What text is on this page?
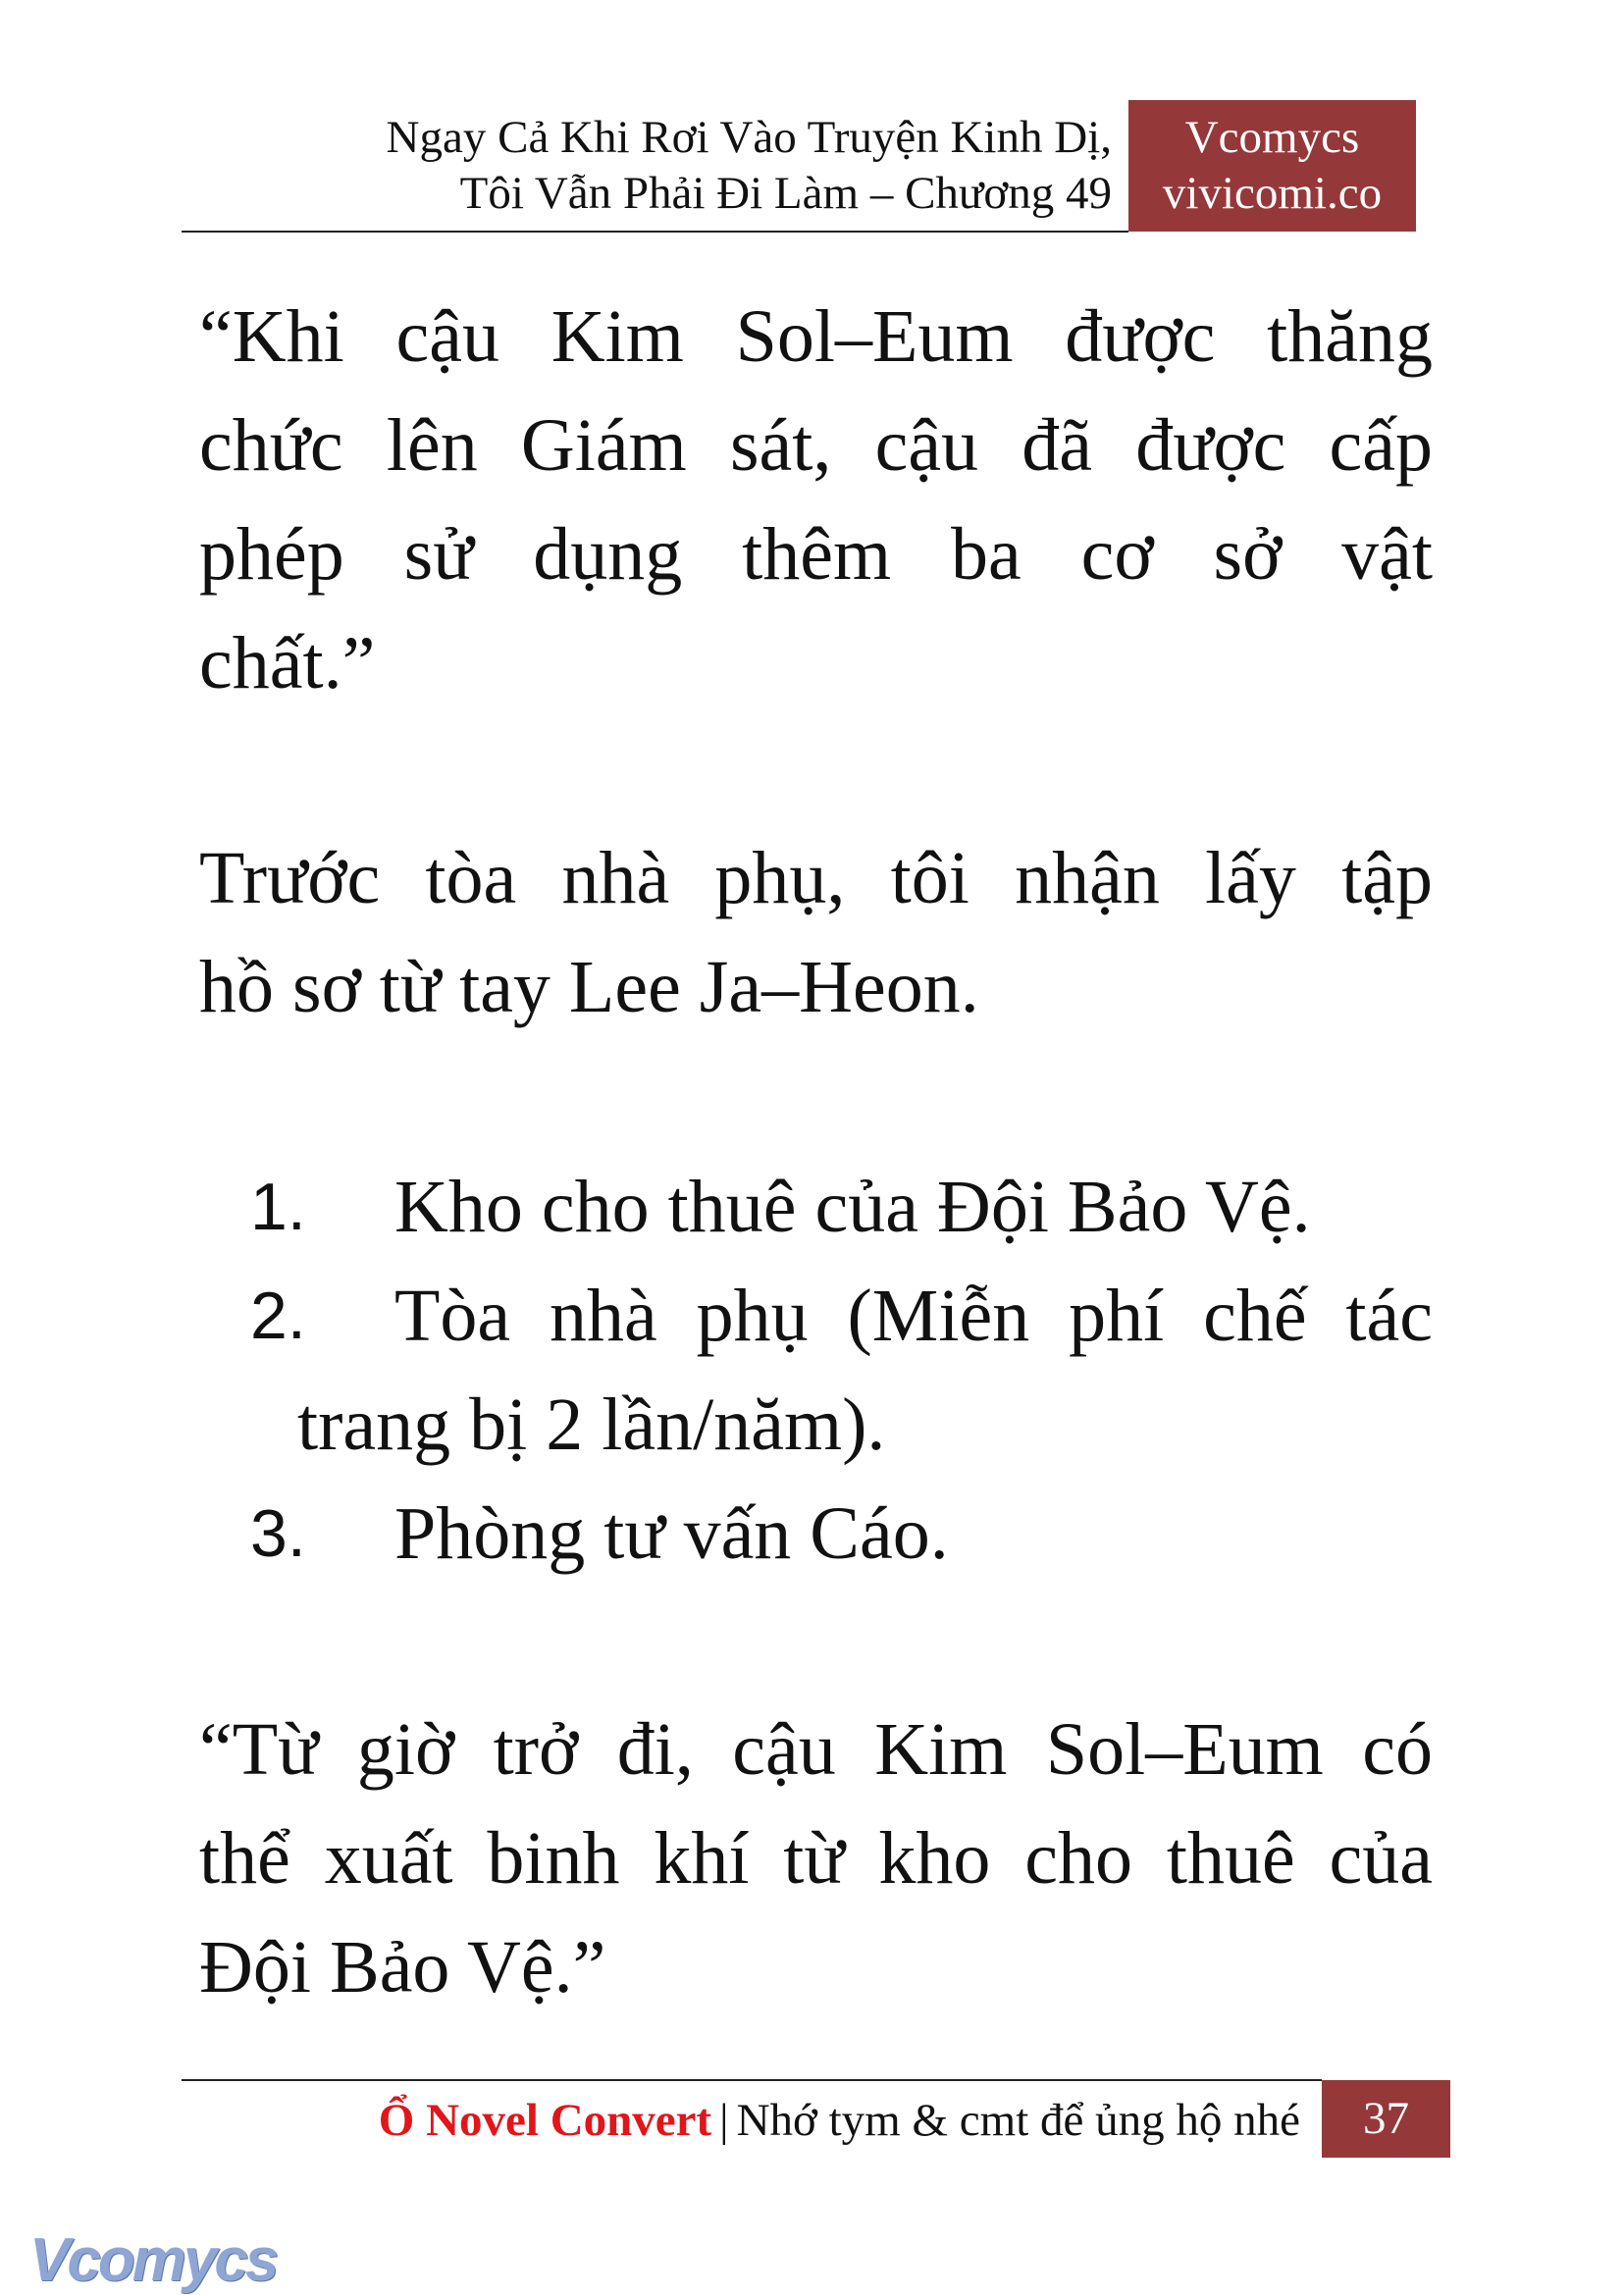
Ngay Cả Khi Rơi Vào Truyện Kinh Dị,
Tôi Vẫn Phải Đi Làm – Chương 49
Vcomycs
vivicomi.co
“Khi cậu Kim Sol–Eum được thăng
chức lên Giám sát, cậu đã được cấp
phép sử dụng thêm ba cơ sở vật
chất.”
Trước tòa nhà phụ, tôi nhận lấy tập
hồ sơ từ tay Lee Ja–Heon.
1. Kho cho thuê của Đội Bảo Vệ.
2. Tòa nhà phụ (Miễn phí chế tác
trang bị 2 lần/năm).
3. Phòng tư vấn Cáo.
“Từ giờ trở đi, cậu Kim Sol–Eum có
thể xuất binh khí từ kho cho thuê của
Đội Bảo Vệ.”
Ổ Novel Convert | Nhớ tym & cmt để ủng hộ nhé	37
Vcomycs
